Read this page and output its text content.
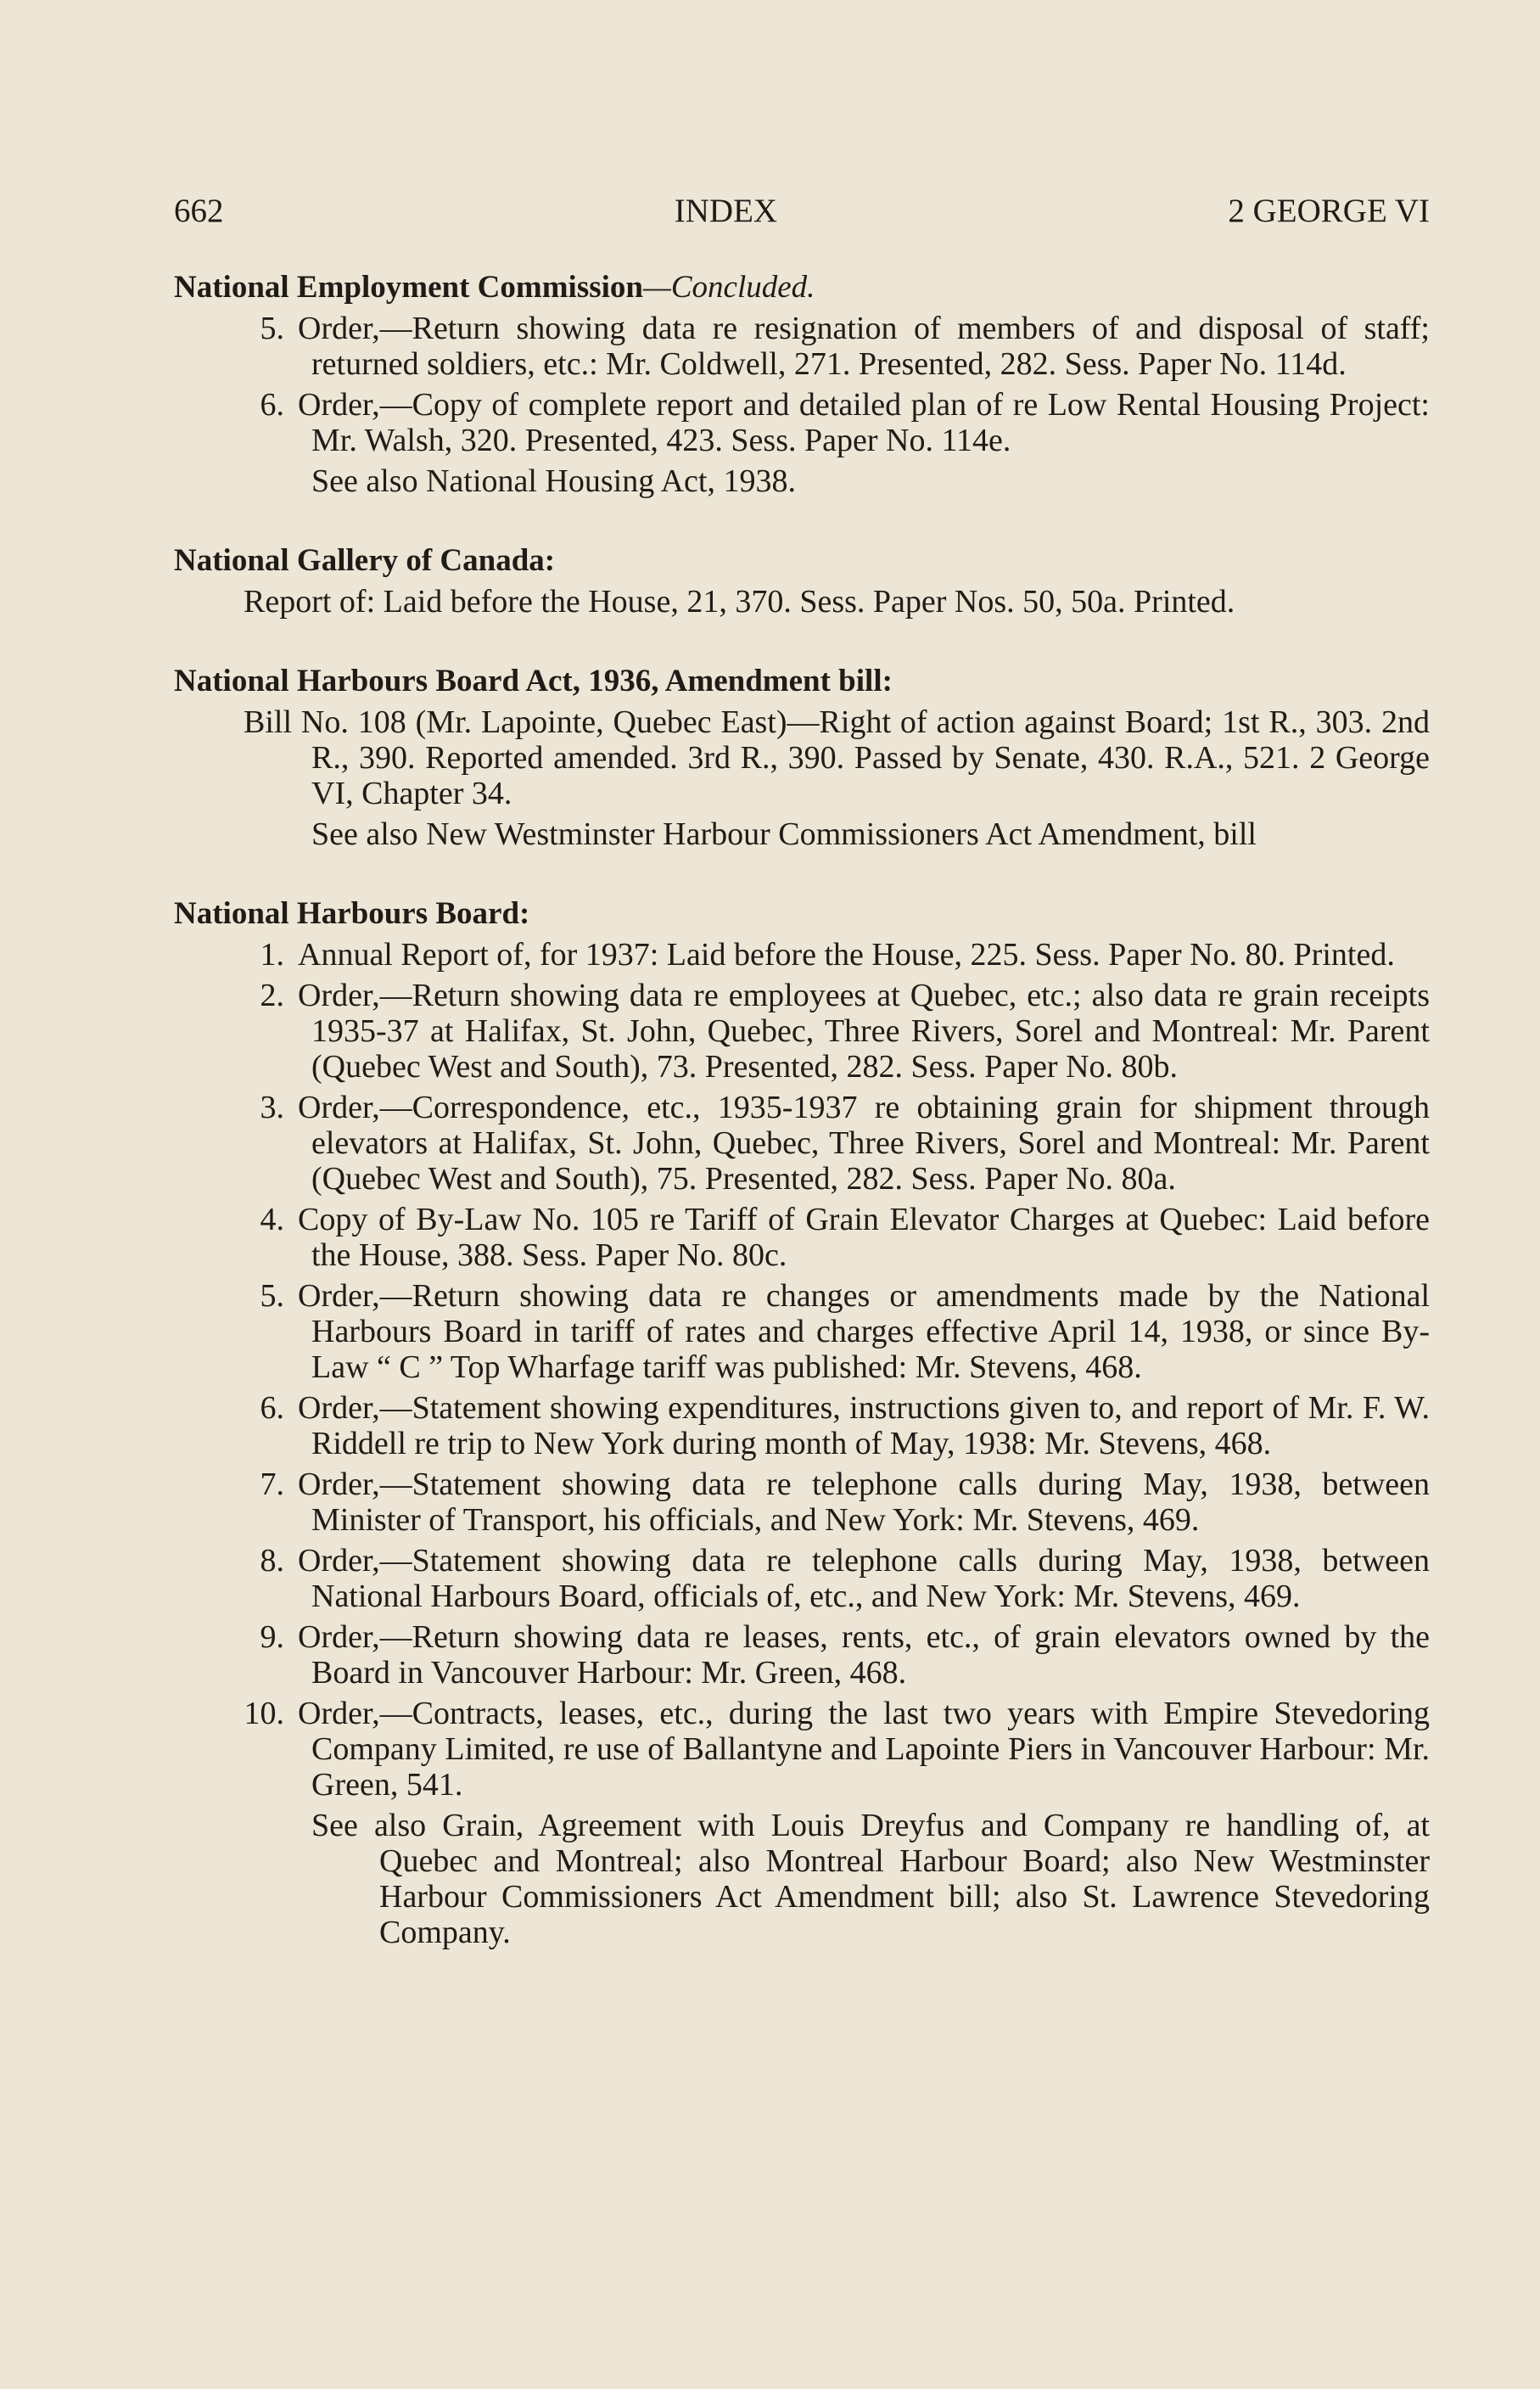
662	INDEX	2 GEORGE VI
National Employment Commission—Concluded.
5. Order,—Return showing data re resignation of members of and disposal of staff; returned soldiers, etc.: Mr. Coldwell, 271. Presented, 282. Sess. Paper No. 114d.
6. Order,—Copy of complete report and detailed plan of re Low Rental Housing Project: Mr. Walsh, 320. Presented, 423. Sess. Paper No. 114e.
See also National Housing Act, 1938.
National Gallery of Canada:
Report of: Laid before the House, 21, 370. Sess. Paper Nos. 50, 50a. Printed.
National Harbours Board Act, 1936, Amendment bill:
Bill No. 108 (Mr. Lapointe, Quebec East)—Right of action against Board; 1st R., 303. 2nd R., 390. Reported amended. 3rd R., 390. Passed by Senate, 430. R.A., 521. 2 George VI, Chapter 34.
See also New Westminster Harbour Commissioners Act Amendment, bill
National Harbours Board:
1. Annual Report of, for 1937: Laid before the House, 225. Sess. Paper No. 80. Printed.
2. Order,—Return showing data re employees at Quebec, etc.; also data re grain receipts 1935-37 at Halifax, St. John, Quebec, Three Rivers, Sorel and Montreal: Mr. Parent (Quebec West and South), 73. Presented, 282. Sess. Paper No. 80b.
3. Order,—Correspondence, etc., 1935-1937 re obtaining grain for shipment through elevators at Halifax, St. John, Quebec, Three Rivers, Sorel and Montreal: Mr. Parent (Quebec West and South), 75. Presented, 282. Sess. Paper No. 80a.
4. Copy of By-Law No. 105 re Tariff of Grain Elevator Charges at Quebec: Laid before the House, 388. Sess. Paper No. 80c.
5. Order,—Return showing data re changes or amendments made by the National Harbours Board in tariff of rates and charges effective April 14, 1938, or since By-Law “ C ” Top Wharfage tariff was published: Mr. Stevens, 468.
6. Order,—Statement showing expenditures, instructions given to, and report of Mr. F. W. Riddell re trip to New York during month of May, 1938: Mr. Stevens, 468.
7. Order,—Statement showing data re telephone calls during May, 1938, between Minister of Transport, his officials, and New York: Mr. Stevens, 469.
8. Order,—Statement showing data re telephone calls during May, 1938, between National Harbours Board, officials of, etc., and New York: Mr. Stevens, 469.
9. Order,—Return showing data re leases, rents, etc., of grain elevators owned by the Board in Vancouver Harbour: Mr. Green, 468.
10. Order,—Contracts, leases, etc., during the last two years with Empire Stevedoring Company Limited, re use of Ballantyne and Lapointe Piers in Vancouver Harbour: Mr. Green, 541.
See also Grain, Agreement with Louis Dreyfus and Company re handling of, at Quebec and Montreal; also Montreal Harbour Board; also New Westminster Harbour Commissioners Act Amendment bill; also St. Lawrence Stevedoring Company.
